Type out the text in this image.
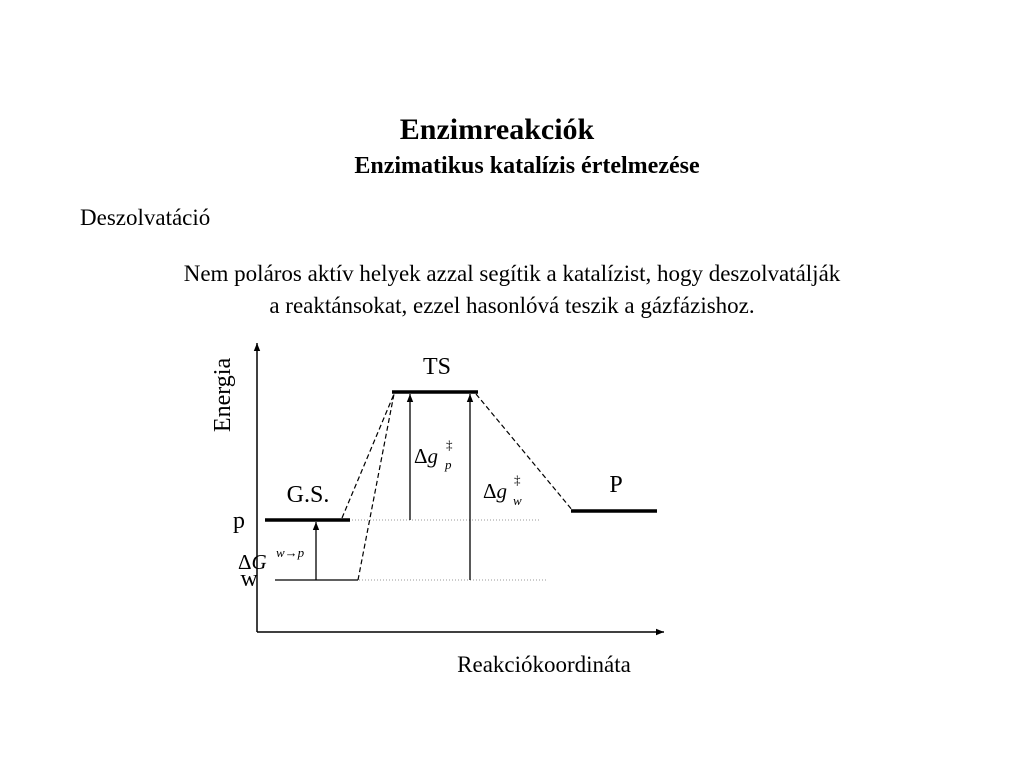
Enzimreakciók
Enzimatikus katalízis értelmezése
Deszolvatáció
Nem poláros aktív helyek azzal segítik a katalízist, hogy deszolvatálják
a reaktánsokat, ezzel hasonlóvá teszik a gázfázishoz.
Energia
Reakciókoordináta
TS
G.S.	P
p
w
Δg ‡
p
Δg ‡
w
ΔG w→p
